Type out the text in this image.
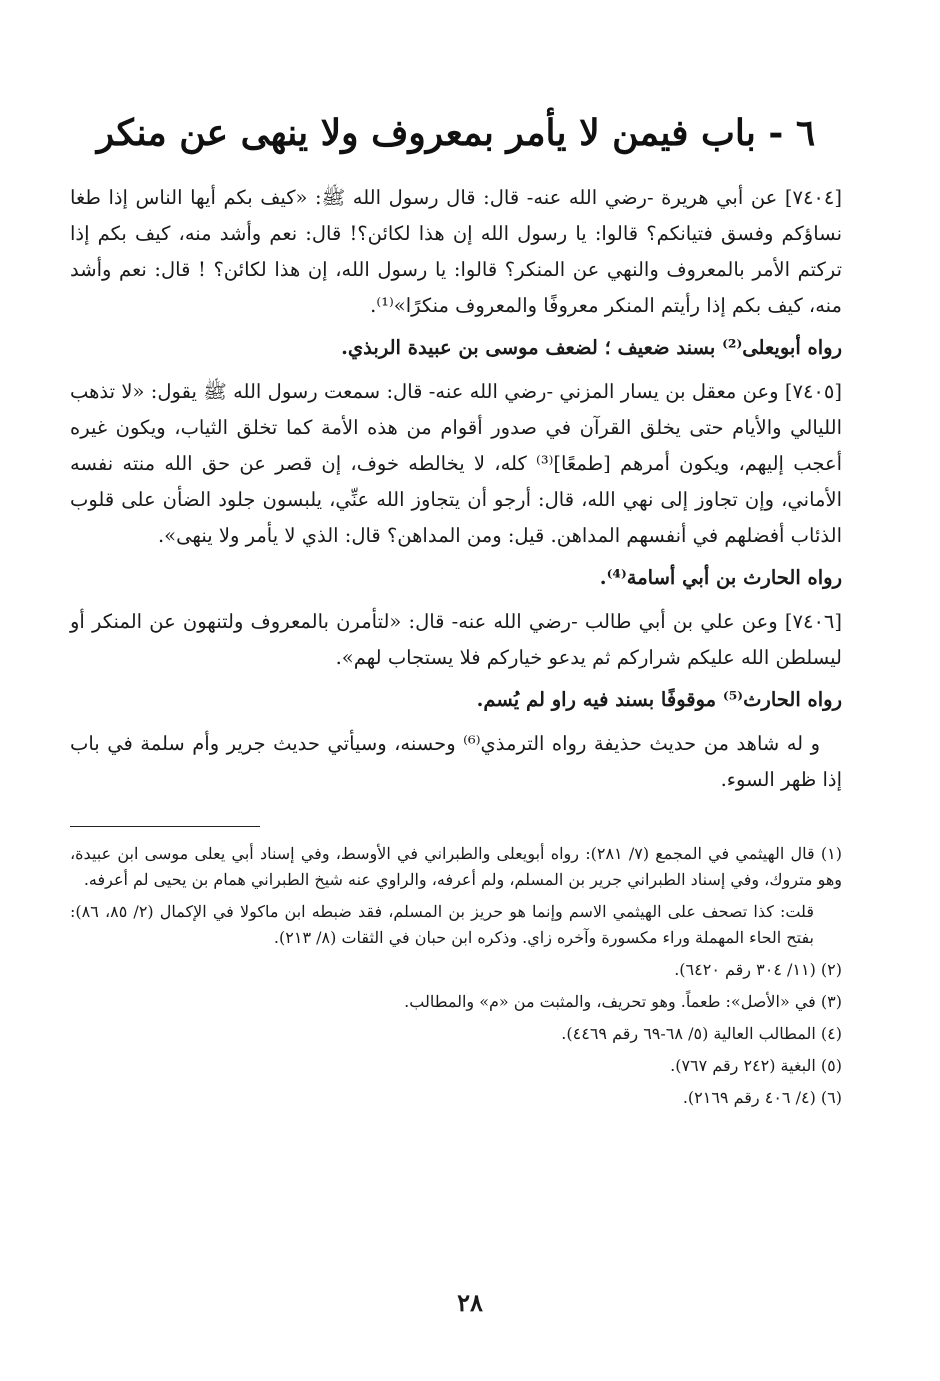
٦ - باب فيمن لا يأمر بمعروف ولا ينهى عن منكر

[٧٤٠٤] عن أبي هريرة -رضي الله عنه- قال: قال رسول الله ﷺ: «كيف بكم أيها الناس إذا طغا نساؤكم وفسق فتيانكم؟ قالوا: يا رسول الله إن هذا لكائن؟! قال: نعم وأشد منه، كيف بكم إذا تركتم الأمر بالمعروف والنهي عن المنكر؟ قالوا: يا رسول الله، إن هذا لكائن؟ ! قال: نعم وأشد منه، كيف بكم إذا رأيتم المنكر معروفًا والمعروف منكرًا»⁽¹⁾.

رواه أبويعلى⁽²⁾ بسند ضعيف ؛ لضعف موسى بن عبيدة الربذي.

[٧٤٠٥] وعن معقل بن يسار المزني -رضي الله عنه- قال: سمعت رسول الله ﷺ يقول: «لا تذهب الليالي والأيام حتى يخلق القرآن في صدور أقوام من هذه الأمة كما تخلق الثياب، ويكون غيره أعجب إليهم، ويكون أمرهم [طمعًا]⁽³⁾ كله، لا يخالطه خوف، إن قصر عن حق الله منته نفسه الأماني، وإن تجاوز إلى نهي الله، قال: أرجو أن يتجاوز الله عنِّي، يلبسون جلود الضأن على قلوب الذئاب أفضلهم في أنفسهم المداهن. قيل: ومن المداهن؟ قال: الذي لا يأمر ولا ينهى».

رواه الحارث بن أبي أسامة⁽⁴⁾.

[٧٤٠٦] وعن علي بن أبي طالب -رضي الله عنه- قال: «لتأمرن بالمعروف ولتنهون عن المنكر أو ليسلطن الله عليكم شراركم ثم يدعو خياركم فلا يستجاب لهم».

رواه الحارث⁽⁵⁾ موقوفًا بسند فيه راو لم يُسم.

و له شاهد من حديث حذيفة رواه الترمذي⁽⁶⁾ وحسنه، وسيأتي حديث جرير وأم سلمة في باب إذا ظهر السوء.

(١) قال الهيثمي في المجمع (٧/ ٢٨١): رواه أبويعلى والطبراني في الأوسط، وفي إسناد أبي يعلى موسى ابن عبيدة، وهو متروك، وفي إسناد الطبراني جرير بن المسلم، ولم أعرفه، والراوي عنه شيخ الطبراني همام بن يحيى لم أعرفه.

قلت: كذا تصحف على الهيثمي الاسم وإنما هو حريز بن المسلم، فقد ضبطه ابن ماكولا في الإكمال (٢/ ٨٥، ٨٦): بفتح الحاء المهملة وراء مكسورة وآخره زاي. وذكره ابن حبان في الثقات (٨/ ٢١٣).

(٢) (١١/ ٣٠٤ رقم ٦٤٢٠).

(٣) في «الأصل»: طعماً. وهو تحريف، والمثبت من «م» والمطالب.

(٤) المطالب العالية (٥/ ٦٨-٦٩ رقم ٤٤٦٩).

(٥) البغية (٢٤٢ رقم ٧٦٧).

(٦) (٤/ ٤٠٦ رقم ٢١٦٩).

٢٨
